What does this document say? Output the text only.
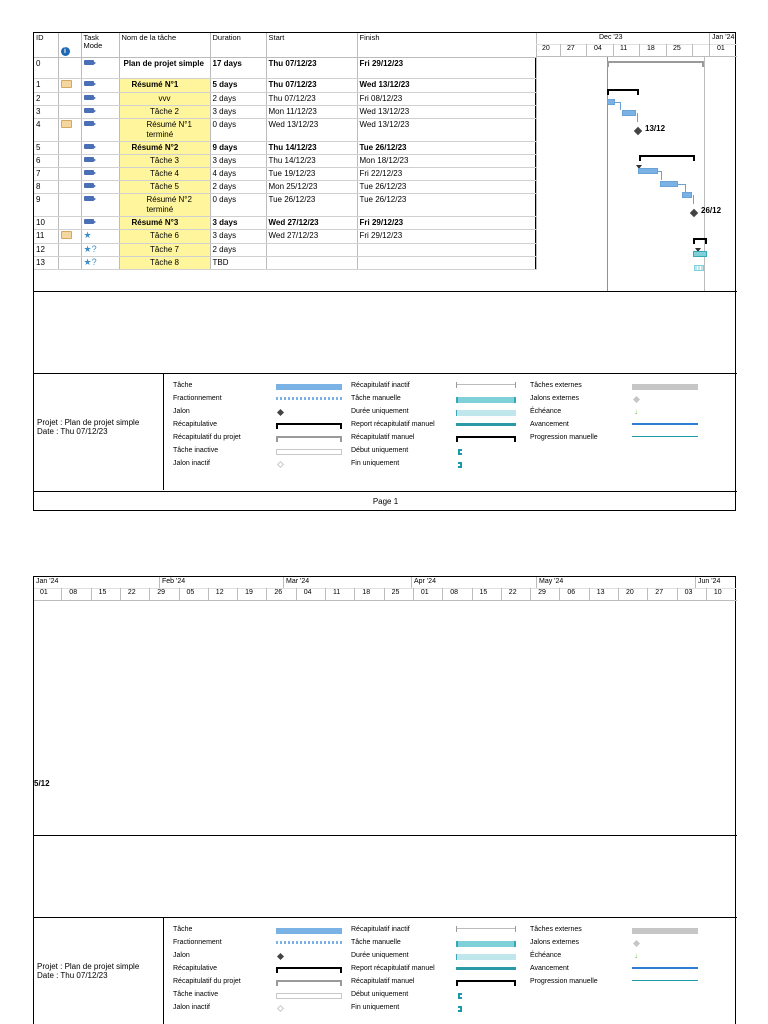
ID	i	Task Mode	Nom de la tâche	Duration	Start	Finish
0			Plan de projet simple	17 days	Thu 07/12/23	Fri 29/12/23
1			Résumé N°1	5 days	Thu 07/12/23	Wed 13/12/23
2			vvv	2 days	Thu 07/12/23	Fri 08/12/23
3			Tâche 2	3 days	Mon 11/12/23	Wed 13/12/23
4			Résumé N°1 terminé	0 days	Wed 13/12/23	Wed 13/12/23
5			Résumé N°2	9 days	Thu 14/12/23	Tue 26/12/23
6			Tâche 3	3 days	Thu 14/12/23	Mon 18/12/23
7			Tâche 4	4 days	Tue 19/12/23	Fri 22/12/23
8			Tâche 5	2 days	Mon 25/12/23	Tue 26/12/23
9			Résumé N°2 terminé	0 days	Tue 26/12/23	Tue 26/12/23
10			Résumé N°3	3 days	Wed 27/12/23	Fri 29/12/23
11		★	Tâche 6	3 days	Wed 27/12/23	Fri 29/12/23
12		★?	Tâche 7	2 days		
13		★?	Tâche 8	TBD		
Dec '23	Jan '24
20 27	04	11	18	25	01
13/12
26/12
Projet : Plan de projet simple
Date : Thu 07/12/23
Tâche
Fractionnement
Jalon
Récapitulative
Récapitulatif du projet
Tâche inactive
Jalon inactif
Récapitulatif inactif
Tâche manuelle
Durée uniquement
Report récapitulatif manuel
Récapitulatif manuel
Début uniquement
Fin uniquement
Tâches externes
Jalons externes
Échéance	↓
Avancement
Progression manuelle
Page 1
Jan '24	Feb '24	Mar '24	Apr '24	May '24	Jun '24
01	08	15	22	29	05	12	19	26	04	11	18	25	01	08	15	22	29	06	13	20	27	03	10
5/12
Projet : Plan de projet simple
Date : Thu 07/12/23
Tâche
Fractionnement
Jalon
Récapitulative
Récapitulatif du projet
Tâche inactive
Jalon inactif
Récapitulatif inactif
Tâche manuelle
Durée uniquement
Report récapitulatif manuel
Récapitulatif manuel
Début uniquement
Fin uniquement
Tâches externes
Jalons externes
Échéance	↓
Avancement
Progression manuelle
